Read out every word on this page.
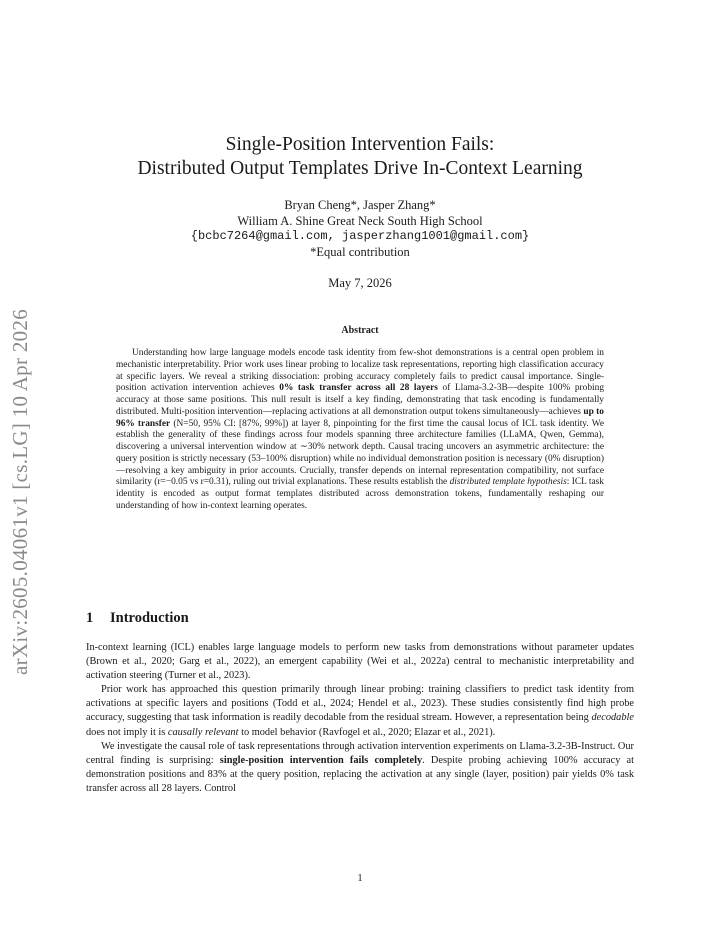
arXiv:2605.04061v1 [cs.LG] 10 Apr 2026
Single-Position Intervention Fails:
Distributed Output Templates Drive In-Context Learning
Bryan Cheng*, Jasper Zhang*
William A. Shine Great Neck South High School
{bcbc7264@gmail.com, jasperzhang1001@gmail.com}
*Equal contribution
May 7, 2026
Abstract

Understanding how large language models encode task identity from few-shot demonstrations is a central open problem in mechanistic interpretability. Prior work uses linear probing to localize task representations, reporting high classification accuracy at specific layers. We reveal a striking dissociation: probing accuracy completely fails to predict causal importance. Single-position activation intervention achieves 0% task transfer across all 28 layers of Llama-3.2-3B—despite 100% probing accuracy at those same positions. This null result is itself a key finding, demonstrating that task encoding is fundamentally distributed. Multi-position intervention—replacing activations at all demonstration output tokens simultaneously—achieves up to 96% transfer (N=50, 95% CI: [87%, 99%]) at layer 8, pinpointing for the first time the causal locus of ICL task identity. We establish the generality of these findings across four models spanning three architecture families (LLaMA, Qwen, Gemma), discovering a universal intervention window at ∼30% network depth. Causal tracing uncovers an asymmetric architecture: the query position is strictly necessary (53–100% disruption) while no individual demonstration position is necessary (0% disruption)—resolving a key ambiguity in prior accounts. Crucially, transfer depends on internal representation compatibility, not surface similarity (r=−0.05 vs r=0.31), ruling out trivial explanations. These results establish the distributed template hypothesis: ICL task identity is encoded as output format templates distributed across demonstration tokens, fundamentally reshaping our understanding of how in-context learning operates.

1 Introduction

In-context learning (ICL) enables large language models to perform new tasks from demonstrations without parameter updates (Brown et al., 2020; Garg et al., 2022), an emergent capability (Wei et al., 2022a) central to mechanistic interpretability and activation steering (Turner et al., 2023).

Prior work has approached this question primarily through linear probing: training classifiers to predict task identity from activations at specific layers and positions (Todd et al., 2024; Hendel et al., 2023). These studies consistently find high probe accuracy, suggesting that task information is readily decodable from the residual stream. However, a representation being decodable does not imply it is causally relevant to model behavior (Ravfogel et al., 2020; Elazar et al., 2021).

We investigate the causal role of task representations through activation intervention experiments on Llama-3.2-3B-Instruct. Our central finding is surprising: single-position intervention fails completely. Despite probing achieving 100% accuracy at demonstration positions and 83% at the query position, replacing the activation at any single (layer, position) pair yields 0% task transfer across all 28 layers. Control

1
